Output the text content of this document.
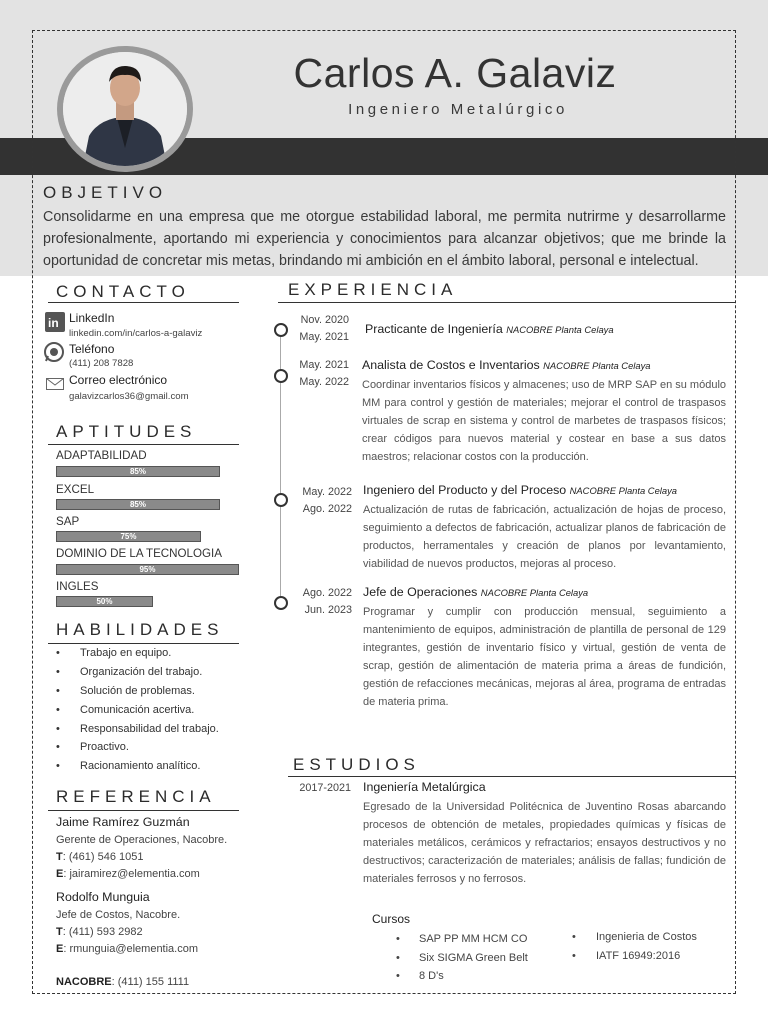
Carlos A. Galaviz
Ingeniero Metalúrgico
OBJETIVO
Consolidarme en una empresa que me otorgue estabilidad laboral, me permita nutrirme y desarrollarme profesionalmente, aportando mi experiencia y conocimientos para alcanzar objetivos; que me brinde la oportunidad de concretar mis metas, brindando mi ambición en el ámbito laboral, personal e intelectual.
CONTACTO
in LinkedIn
linkedin.com/in/carlos-a-galaviz
Teléfono
(411) 208 7828
Correo electrónico
galavizcarlos36@gmail.com
APTITUDES
ADAPTABILIDAD
85%
EXCEL
85%
SAP
75%
DOMINIO DE LA TECNOLOGIA
95%
INGLES
50%
HABILIDADES
• Trabajo en equipo.
• Organización del trabajo.
• Solución de problemas.
• Comunicación acertiva.
• Responsabilidad del trabajo.
• Proactivo.
• Racionamiento analítico.
REFERENCIA
Jaime Ramírez Guzmán
Gerente de Operaciones, Nacobre.
T: (461) 546 1051
E: jairamirez@elementia.com
Rodolfo Munguia
Jefe de Costos, Nacobre.
T: (411) 593 2982
E: rmunguia@elementia.com
NACOBRE: (411) 155 1111
EXPERIENCIA
Nov. 2020
May. 2021
Practicante de Ingeniería NACOBRE Planta Celaya
May. 2021
May. 2022
Analista de Costos e Inventarios NACOBRE Planta Celaya
Coordinar inventarios físicos y almacenes; uso de MRP SAP en su módulo MM para control y gestión de materiales; mejorar el control de traspasos virtuales de scrap en sistema y control de marbetes de traspasos físicos; crear códigos para nuevos material y costear en base a sus datos maestros; relacionar costos con la producción.
May. 2022
Ago. 2022
Ingeniero del Producto y del Proceso NACOBRE Planta Celaya
Actualización de rutas de fabricación, actualización de hojas de proceso, seguimiento a defectos de fabricación, actualizar planos de fabricación de productos, herramentales y creación de planos por levantamiento, viabilidad de nuevos productos, mejoras al proceso.
Ago. 2022
Jun. 2023
Jefe de Operaciones NACOBRE Planta Celaya
Programar y cumplir con producción mensual, seguimiento a mantenimiento de equipos, administración de plantilla de personal de 129 integrantes, gestión de inventario físico y virtual, gestión de venta de scrap, gestión de alimentación de materia prima a áreas de fundición, gestión de refacciones mecánicas, mejoras al área, programa de entradas de materia prima.
ESTUDIOS
2017-2021 Ingeniería Metalúrgica
Egresado de la Universidad Politécnica de Juventino Rosas abarcando procesos de obtención de metales, propiedades químicas y físicas de materiales metálicos, cerámicos y refractarios; ensayos destructivos y no destructivos; caracterización de materiales; análisis de fallas; fundición de materiales ferrosos y no ferrosos.
Cursos
• SAP PP MM HCM CO
• Six SIGMA Green Belt
• 8 D's
• Ingenieria de Costos
• IATF 16949:2016
